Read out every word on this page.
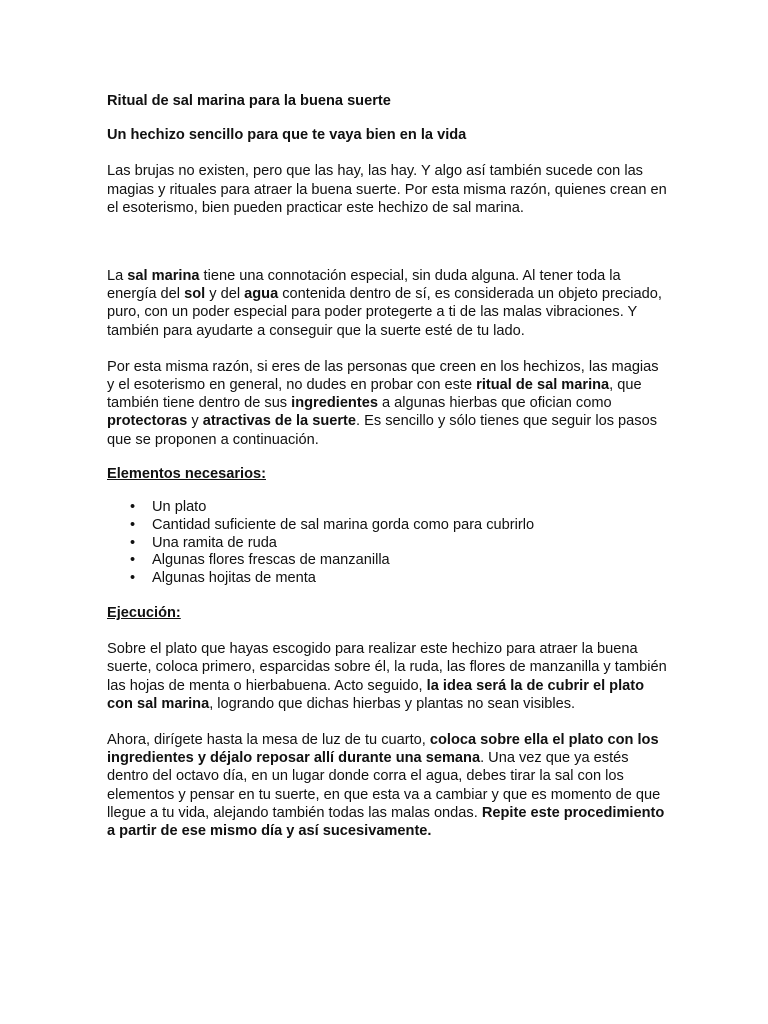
Ritual de sal marina para la buena suerte

Un hechizo sencillo para que te vaya bien en la vida

Las brujas no existen, pero que las hay, las hay. Y algo así también sucede con las magias y rituales para atraer la buena suerte. Por esta misma razón, quienes crean en el esoterismo, bien pueden practicar este hechizo de sal marina.

La sal marina tiene una connotación especial, sin duda alguna. Al tener toda la energía del sol y del agua contenida dentro de sí, es considerada un objeto preciado, puro, con un poder especial para poder protegerte a ti de las malas vibraciones. Y también para ayudarte a conseguir que la suerte esté de tu lado.

Por esta misma razón, si eres de las personas que creen en los hechizos, las magias y el esoterismo en general, no dudes en probar con este ritual de sal marina, que también tiene dentro de sus ingredientes a algunas hierbas que ofician como protectoras y atractivas de la suerte. Es sencillo y sólo tienes que seguir los pasos que se proponen a continuación.

Elementos necesarios:

• Un plato
• Cantidad suficiente de sal marina gorda como para cubrirlo
• Una ramita de ruda
• Algunas flores frescas de manzanilla
• Algunas hojitas de menta

Ejecución:

Sobre el plato que hayas escogido para realizar este hechizo para atraer la buena suerte, coloca primero, esparcidas sobre él, la ruda, las flores de manzanilla y también las hojas de menta o hierbabuena. Acto seguido, la idea será la de cubrir el plato con sal marina, logrando que dichas hierbas y plantas no sean visibles.

Ahora, dirígete hasta la mesa de luz de tu cuarto, coloca sobre ella el plato con los ingredientes y déjalo reposar allí durante una semana. Una vez que ya estés dentro del octavo día, en un lugar donde corra el agua, debes tirar la sal con los elementos y pensar en tu suerte, en que esta va a cambiar y que es momento de que llegue a tu vida, alejando también todas las malas ondas. Repite este procedimiento a partir de ese mismo día y así sucesivamente.
